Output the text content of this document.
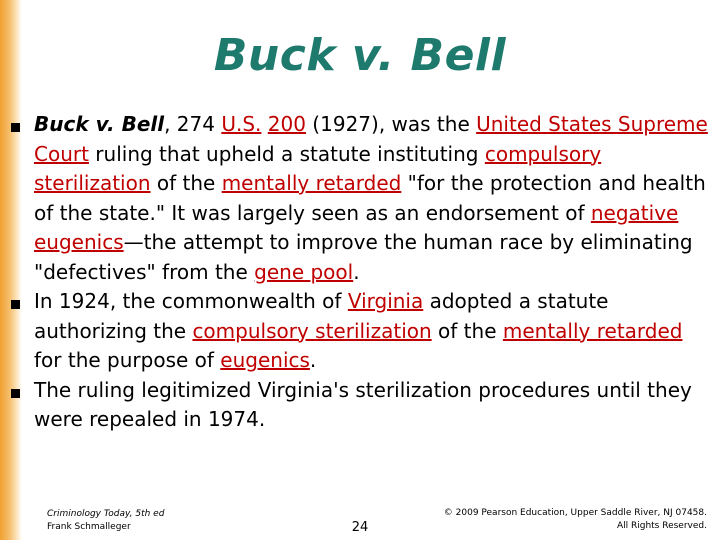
Buck v. Bell
Buck v. Bell, 274 U.S. 200 (1927), was the United States Supreme Court ruling that upheld a statute instituting compulsory sterilization of the mentally retarded "for the protection and health of the state." It was largely seen as an endorsement of negative eugenics—the attempt to improve the human race by eliminating "defectives" from the gene pool.
In 1924, the commonwealth of Virginia adopted a statute authorizing the compulsory sterilization of the mentally retarded for the purpose of eugenics.
The ruling legitimized Virginia's sterilization procedures until they were repealed in 1974.
Criminology Today, 5th ed
Frank Schmalleger	24
© 2009 Pearson Education, Upper Saddle River, NJ 07458.
All Rights Reserved.
